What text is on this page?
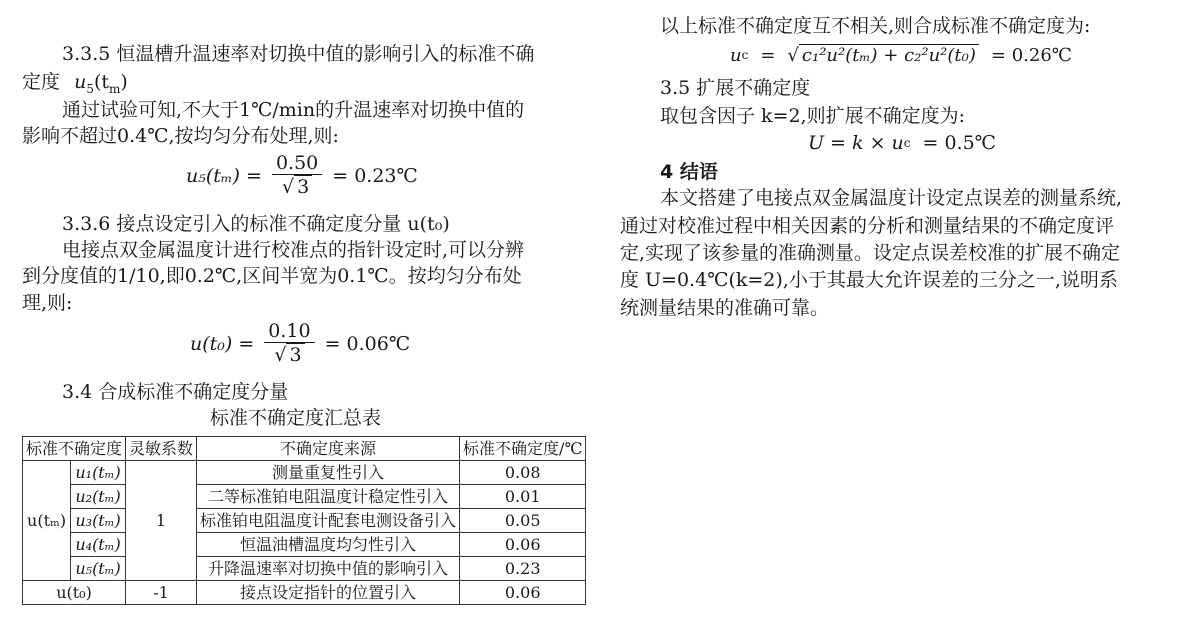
3.3.5 恒温槽升温速率对切换中值的影响引入的标准不确
定度 $u_5(t_m)$
通过试验可知,不大于1℃/min的升温速率对切换中值的
影响不超过0.4℃,按均匀分布处理,则:
$u_5(t_m) = \frac{0.50}{√ 3}$ = 0.23℃
3.3.6 接点设定引入的标准不确定度分量 u(t₀)
电接点双金属温度计进行校准点的指针设定时,可以分辨
到分度值的1/10,即0.2℃,区间半宽为0.1℃。按均匀分布处
理,则:
$u(t_0) = \frac{0.10}{√ 3}$ = 0.06℃
3.4 合成标准不确定度分量
标准不确定度汇总表
标准不确定度		灵敏系数	不确定度来源	标准不确定度/℃
u(tₘ)	u₁(tₘ)	1	测量重复性引入	0.08
	u₂(tₘ)		二等标准铂电阻温度计稳定性引入	0.01
	u₃(tₘ)		标准铂电阻温度计配套电测设备引入	0.05
	u₄(tₘ)		恒温油槽温度均匀性引入	0.06
	u₅(tₘ)		升降温速率对切换中值的影响引入	0.23
u(t₀)		-1	接点设定指针的位置引入	0.06
以上标准不确定度互不相关,则合成标准不确定度为:
u c = √ c₁²u²(tₘ) + c₂²u²(t₀) = 0.26℃
3.5 扩展不确定度
取包含因子 k=2,则扩展不确定度为:
U = k × u c = 0.5℃
4 结语
本文搭建了电接点双金属温度计设定点误差的测量系统,
通过对校准过程中相关因素的分析和测量结果的不确定度评
定,实现了该参量的准确测量。设定点误差校准的扩展不确定
度 U=0.4℃(k=2),小于其最大允许误差的三分之一,说明系
统测量结果的准确可靠。
